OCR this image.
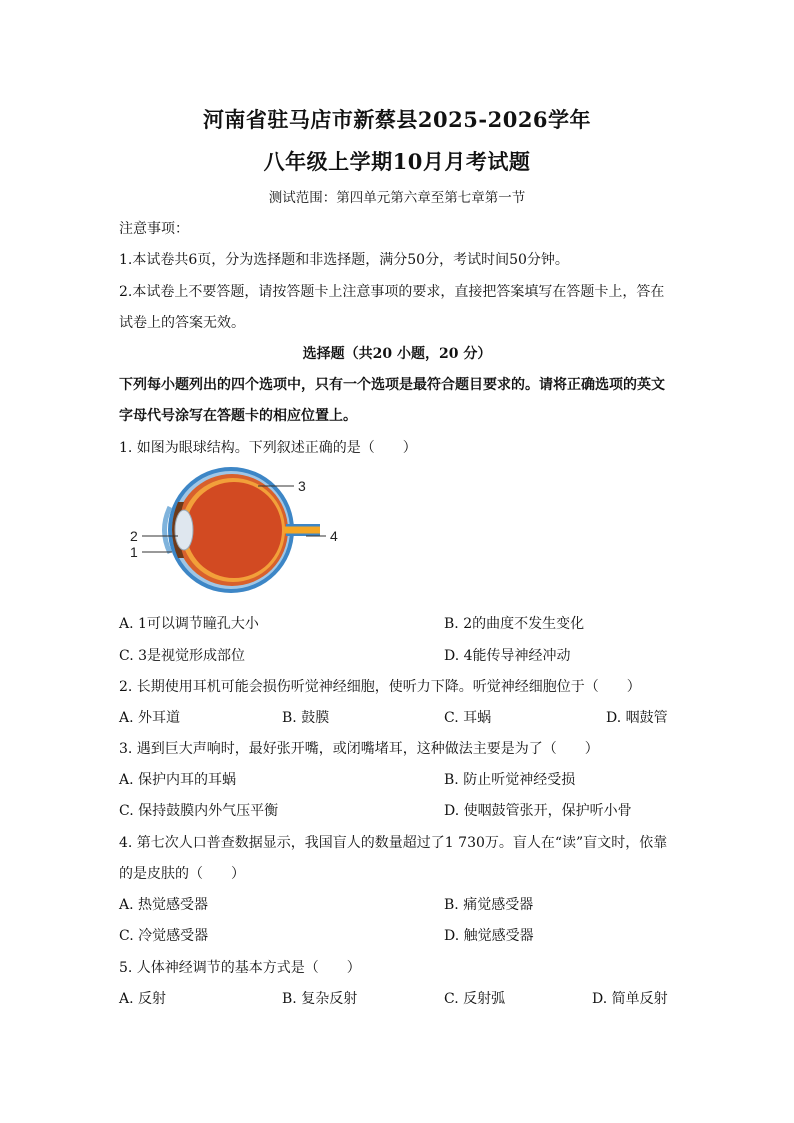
河南省驻马店市新蔡县2025-2026学年
八年级上学期10月月考试题
测试范围：第四单元第六章至第七章第一节
注意事项：
1.本试卷共6页，分为选择题和非选择题，满分50分，考试时间50分钟。
2.本试卷上不要答题，请按答题卡上注意事项的要求，直接把答案填写在答题卡上，答在
试卷上的答案无效。
选择题（共20 小题，20 分）
下列每小题列出的四个选项中，只有一个选项是最符合题目要求的。请将正确选项的英文
字母代号涂写在答题卡的相应位置上。
1. 如图为眼球结构。下列叙述正确的是（　　）
3
4
2
1
A. 1可以调节瞳孔大小	B. 2的曲度不发生变化
C. 3是视觉形成部位	D. 4能传导神经冲动
2. 长期使用耳机可能会损伤听觉神经细胞，使听力下降。听觉神经细胞位于（　　）
A. 外耳道	B. 鼓膜	C. 耳蜗	D. 咽鼓管
3. 遇到巨大声响时，最好张开嘴，或闭嘴堵耳，这种做法主要是为了（　　）
A. 保护内耳的耳蜗	B. 防止听觉神经受损
C. 保持鼓膜内外气压平衡	D. 使咽鼓管张开，保护听小骨
4. 第七次人口普查数据显示，我国盲人的数量超过了1 730万。盲人在“读”盲文时，依靠
的是皮肤的（　　）
A. 热觉感受器	B. 痛觉感受器
C. 冷觉感受器	D. 触觉感受器
5. 人体神经调节的基本方式是（　　）
A. 反射	B. 复杂反射	C. 反射弧	D. 简单反射
